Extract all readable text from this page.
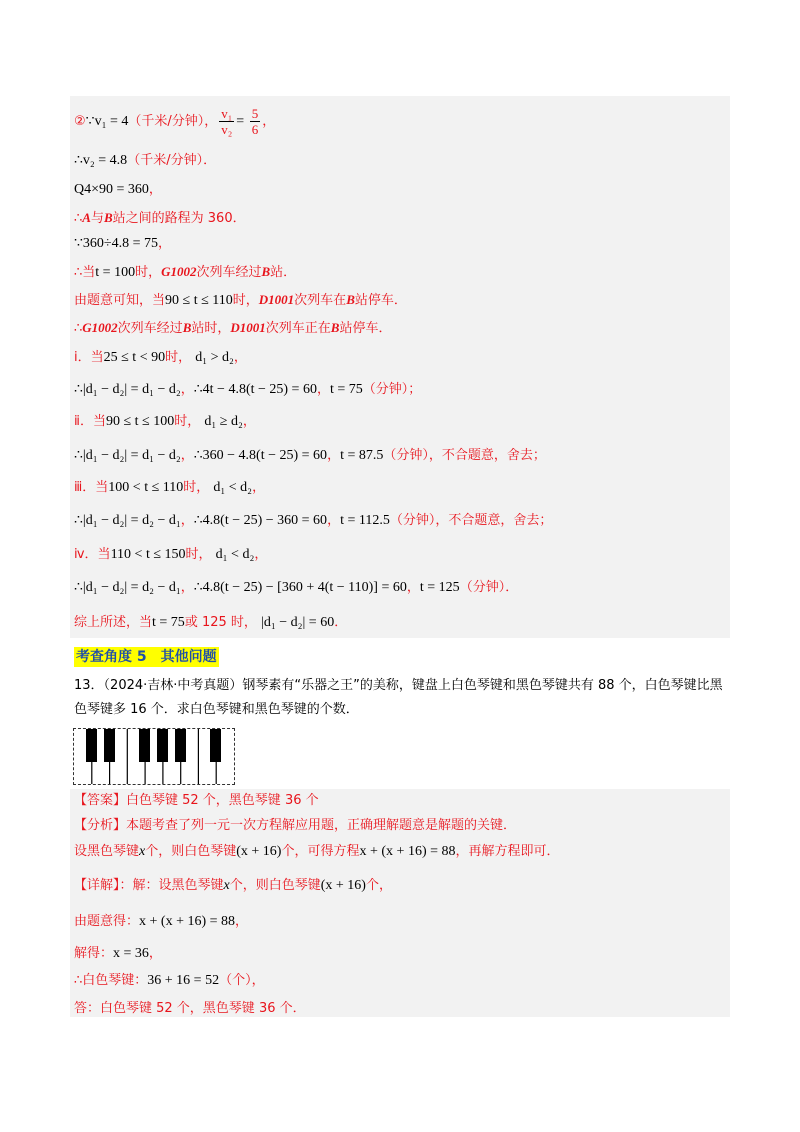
②∵v₁ = 4（千米/分钟）， $\frac{\text{v₁}}{\text{v₂}} = \frac{5}{6}$ ，
∴v₂ = 4.8（千米/分钟）．
Q4×90 = 360，
∴A与B站之间的路程为 360．
∵360÷4.8 = 75，
∴当t = 100时，G1002次列车经过B站．
由题意可知，当90 ≤ t ≤ 110时，D1001次列车在B站停车．
∴G1002次列车经过B站时，D1001次列车正在B站停车．
ⅰ．当25 ≤ t < 90时， d₁ > d₂，
∴|d₁ − d₂| = d₁ − d₂，∴4t − 4.8(t − 25) = 60，t = 75（分钟）；
ⅱ．当90 ≤ t ≤ 100时， d₁ ≥ d₂，
∴|d₁ − d₂| = d₁ − d₂，∴360 − 4.8(t − 25) = 60，t = 87.5（分钟），不合题意，舍去；
ⅲ．当100 < t ≤ 110时， d₁ < d₂，
∴|d₁ − d₂| = d₂ − d₁，∴4.8(t − 25) − 360 = 60，t = 112.5（分钟），不合题意，舍去；
ⅳ．当110 < t ≤ 150时， d₁ < d₂，
∴|d₁ − d₂| = d₂ − d₁，∴4.8(t − 25) − [360 + 4(t − 110)] = 60，t = 125（分钟）．
综上所述，当t = 75或 125 时， |d₁ − d₂| = 60．
考查角度 5　其他问题
13．（2024·吉林·中考真题）钢琴素有“乐器之王”的美称，键盘上白色琴键和黑色琴键共有 88 个，白色琴键比黑色琴键多 16 个．求白色琴键和黑色琴键的个数．
【答案】白色琴键 52 个，黑色琴键 36 个
【分析】本题考查了列一元一次方程解应用题，正确理解题意是解题的关键．
设黑色琴键x个，则白色琴键(x + 16)个，可得方程x + (x + 16) = 88，再解方程即可．
【详解】：解：设黑色琴键x个，则白色琴键(x + 16)个，
由题意得：x + (x + 16) = 88，
解得：x = 36，
∴白色琴键：36 + 16 = 52（个），
答：白色琴键 52 个，黑色琴键 36 个．
